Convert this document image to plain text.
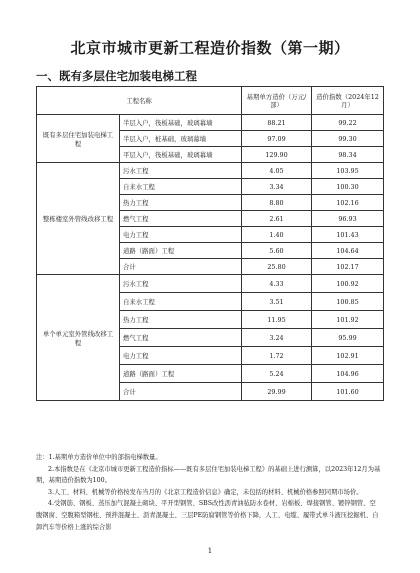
北京市城市更新工程造价指数（第一期）
一、既有多层住宅加装电梯工程
工程名称		基期单方造价（万元/部）	造价指数（2024年12月）
既有多层住宅加装电梯工程	半层入户，筏板基础，玻璃幕墙	88.21	99.22
	半层入户，桩基础，玻璃幕墙	97.09	99.30
	平层入户，筏板基础，玻璃幕墙	129.90	98.34
整栋楼室外管线改移工程	污水工程	4.05	103.95
	自来水工程	3.34	100.30
	热力工程	8.80	102.16
	燃气工程	2.61	96.93
	电力工程	1.40	101.43
	道路（路面）工程	5.60	104.64
	合计	25.80	102.17
单个单元室外管线改移工程	污水工程	4.33	100.92
	自来水工程	3.51	100.85
	热力工程	11.95	101.92
	燃气工程	3.24	95.99
	电力工程	1.72	102.91
	道路（路面）工程	5.24	104.96
	合计	29.99	101.60

注：1.基期单方造价单位中的部指电梯数量。

2.本指数是在《北京市城市更新工程造价指标——既有多层住宅加装电梯工程》的基础上进行测算，以2023年12月为基期，基期造价指数为100。

3.人工、材料、机械等价格按发布当月的《北京工程造价信息》确定，未包括的材料、机械价格参照同期市场价。

4.受钢筋、钢板、蒸压加气混凝土砌块、平开型钢管、SBS改性沥青油毡防水卷材、岩棉板、焊接钢管、镀锌钢管、空腹钢窗、空腹箱型钢柱、预拌混凝土、沥青混凝土、三层PE防腐钢管等价格下降，人工、电缆、履带式单斗液压挖掘机、自卸汽车等价格上涨的综合影

1
